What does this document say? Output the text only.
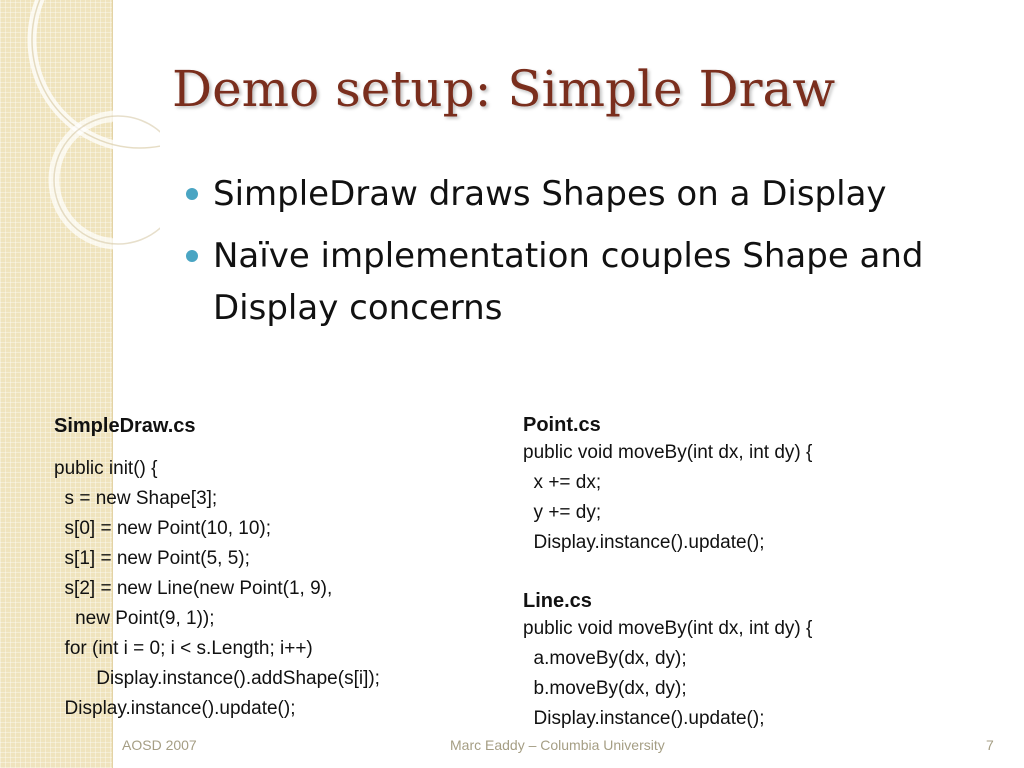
Demo setup: Simple Draw
SimpleDraw draws Shapes on a Display
Naïve implementation couples Shape and Display concerns
SimpleDraw.cs
public init() {
s = new Shape[3];
s[0] = new Point(10, 10);
s[1] = new Point(5, 5);
s[2] = new Line(new Point(1, 9),
new Point(9, 1));
for (int i = 0; i < s.Length; i++)
Display.instance().addShape(s[i]);
Display.instance().update();
Point.cs
public void moveBy(int dx, int dy) {
x += dx;
y += dy;
Display.instance().update();
Line.cs
public void moveBy(int dx, int dy) {
a.moveBy(dx, dy);
b.moveBy(dx, dy);
Display.instance().update();
AOSD 2007	Marc Eaddy – Columbia University	7
